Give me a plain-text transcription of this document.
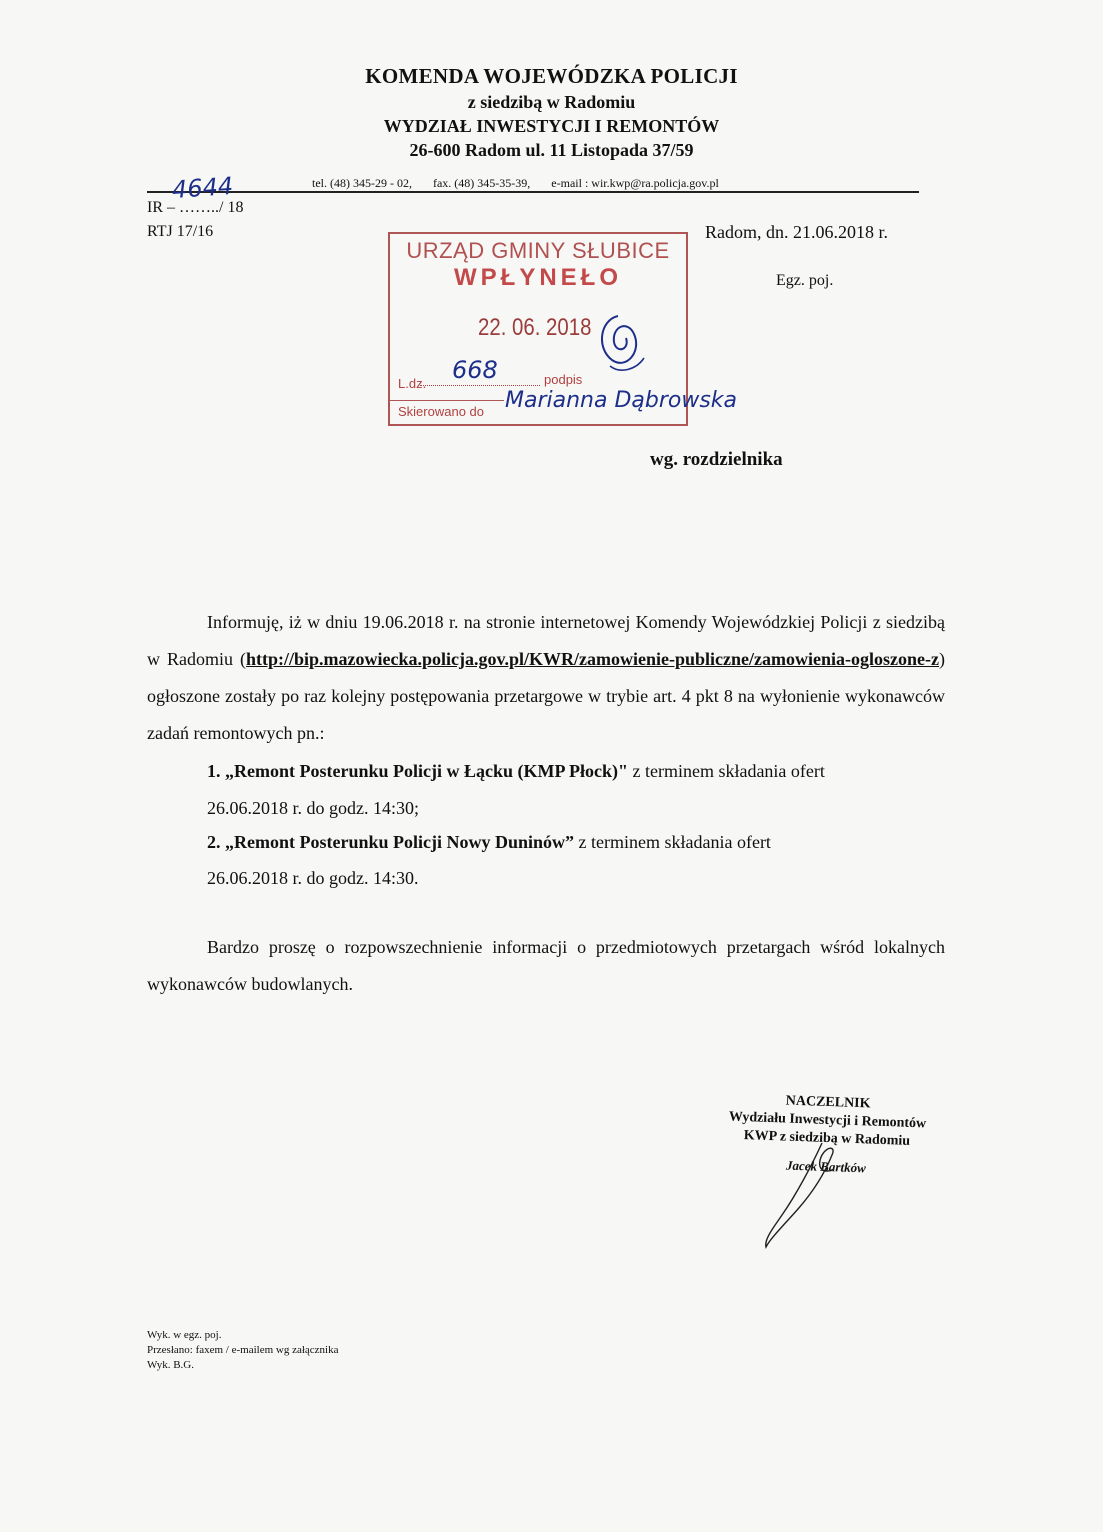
KOMENDA WOJEWÓDZKA POLICJI
z siedzibą w Radomiu
WYDZIAŁ INWESTYCJI I REMONTÓW
26-600 Radom ul. 11 Listopada 37/59
tel. (48) 345-29 - 02, fax. (48) 345-35-39, e-mail : wir.kwp@ra.policja.gov.pl
IR – ……../ 18
4644
RTJ 17/16	Radom, dn. 21.06.2018 r.
Egz. poj.
URZĄD GMINY SŁUBICE
WPŁYNEŁO
22. 06. 2018
L.dz. 668	podpis
Skierowano do Marianna Dąbrowska
wg. rozdzielnika
Informuję, iż w dniu 19.06.2018 r. na stronie internetowej Komendy Wojewódzkiej Policji z siedzibą w Radomiu (http://bip.mazowiecka.policja.gov.pl/KWR/zamowienie-publiczne/zamowienia-ogloszone-z) ogłoszone zostały po raz kolejny postępowania przetargowe w trybie art. 4 pkt 8 na wyłonienie wykonawców zadań remontowych pn.:
1. „Remont Posterunku Policji w Łącku (KMP Płock)" z terminem składania ofert
26.06.2018 r. do godz. 14:30;
2. „Remont Posterunku Policji Nowy Duninów” z terminem składania ofert
26.06.2018 r. do godz. 14:30.
Bardzo proszę o rozpowszechnienie informacji o przedmiotowych przetargach wśród lokalnych wykonawców budowlanych.
NACZELNIK
Wydziału Inwestycji i Remontów
KWP z siedzibą w Radomiu
Jacek Bartków
Wyk. w egz. poj.
Przesłano: faxem / e-mailem wg załącznika
Wyk. B.G.
